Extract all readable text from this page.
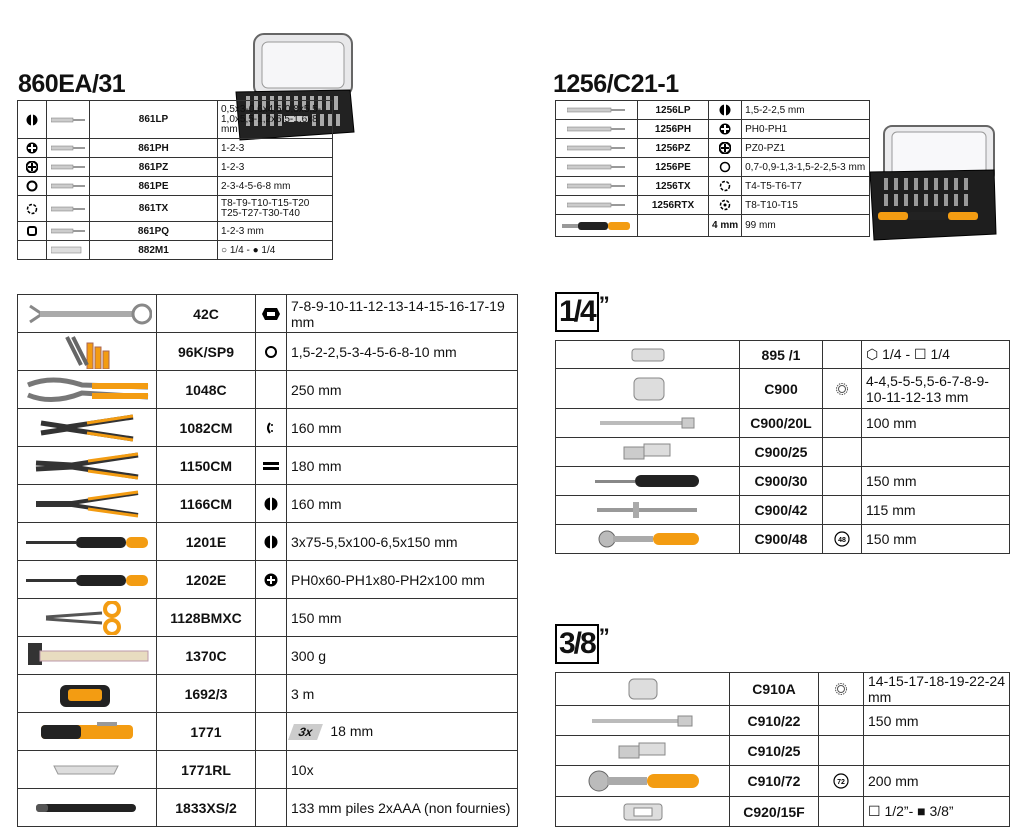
860EA/31	1256/C21-1

	861LP	0,5x3-0,6x4,5-0,8x5,5-1,0x5,5-1,2x6,5-1,6x8 mm

	861PH	1-2-3

	861PZ	1-2-3

	861PE	2-3-4-5-6-8 mm

	861TX	T8-T9-T10-T15-T20 T25-T27-T30-T40

	861PQ	1-2-3 mm

	882M1	○ 1/4 - ● 1/4
	1256LP		1,5-2-2,5 mm

	1256PH		PH0-PH1

	1256PZ		PZ0-PZ1

	1256PE		0,7-0,9-1,3-1,5-2-2,5-3 mm

	1256TX		T4-T5-T6-T7

	1256RTX		T8-T10-T15

		4 mm	99 mm
	42C		7-8-9-10-11-12-13-14-15-16-17-19 mm

	96K/SP9		1,5-2-2,5-3-4-5-6-8-10 mm

	1048C		250 mm

	1082CM		160 mm

	1150CM		180 mm

	1166CM		160 mm

	1201E		3x75-5,5x100-6,5x150 mm

	1202E		PH0x60-PH1x80-PH2x100 mm

	1128BMXC		150 mm

	1370C		300 g

	1692/3		3 m

	1771		3x 18 mm

	1771RL		10x

	1833XS/2		133 mm piles 2xAAA (non fournies)
1/4 ”
	895 /1		⬡ 1/4 - ☐ 1/4

	C900		4-4,5-5-5,5-6-7-8-9-10-11-12-13 mm

	C900/20L		100 mm

	C900/25		

	C900/30		150 mm

	C900/42		115 mm

	C900/48	48	150 mm
3/8 ”
	C910A		14-15-17-18-19-22-24 mm

	C910/22		150 mm

	C910/25		

	C910/72	72	200 mm

	C920/15F		☐ 1/2”- ■ 3/8”
